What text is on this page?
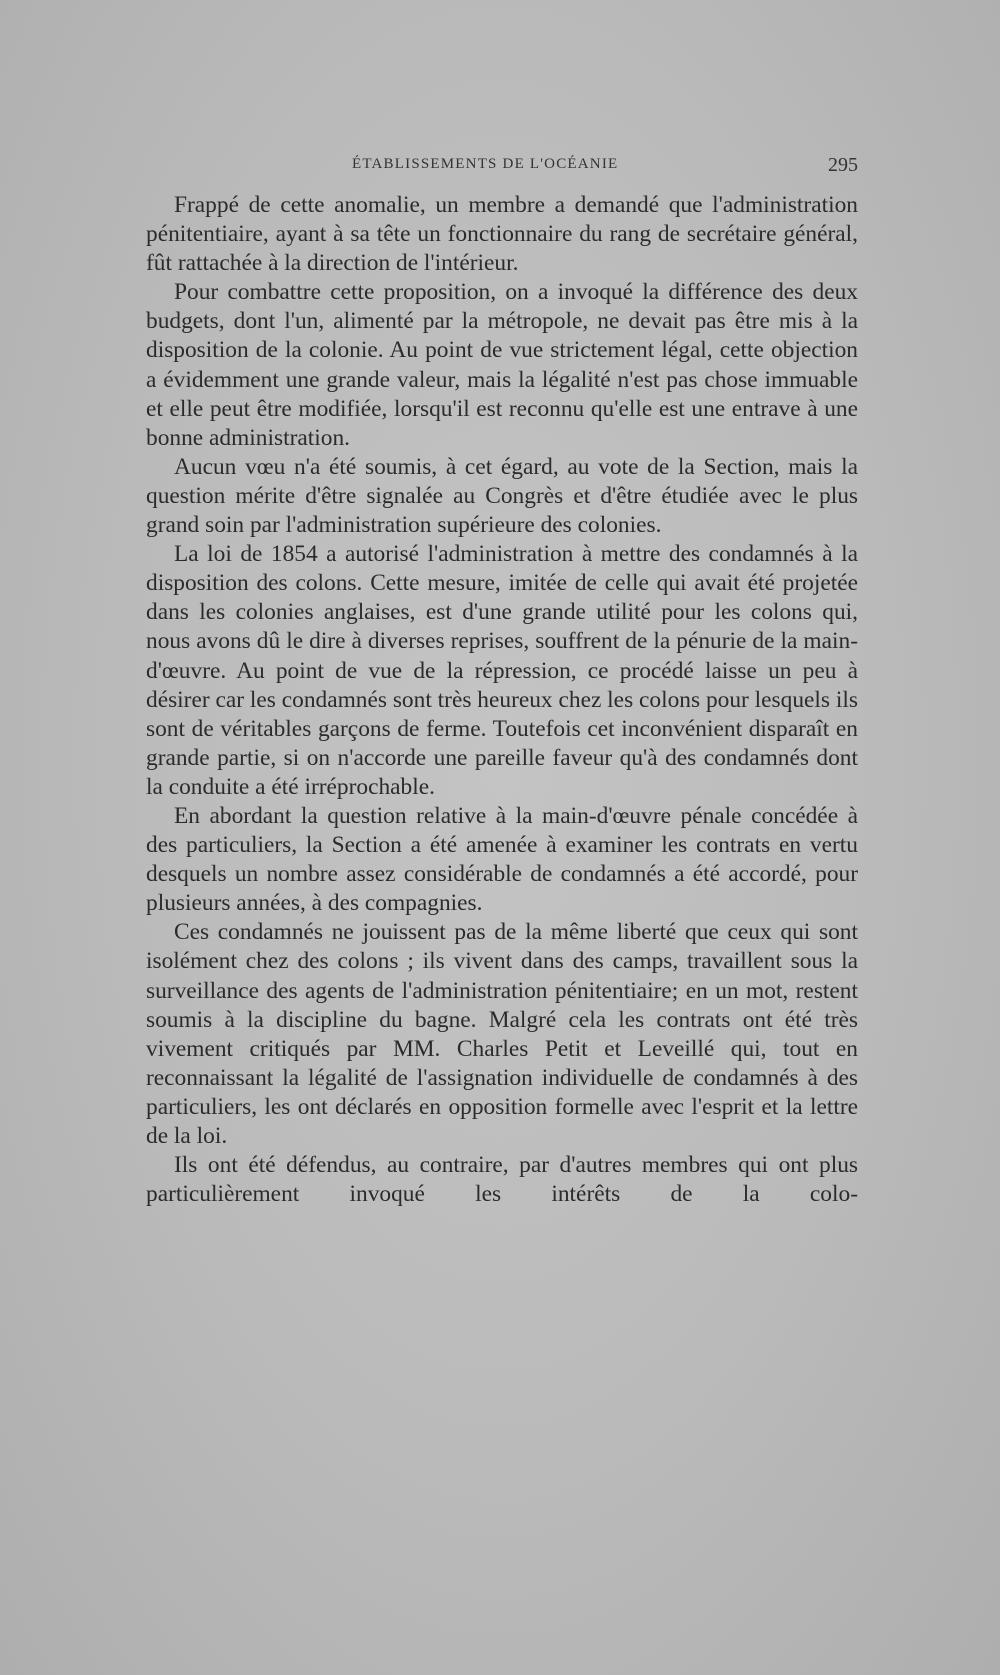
ÉTABLISSEMENTS DE L'OCÉANIE	295

Frappé de cette anomalie, un membre a demandé que l'administration pénitentiaire, ayant à sa tête un fonctionnaire du rang de secrétaire général, fût rattachée à la direction de l'intérieur.

Pour combattre cette proposition, on a invoqué la différence des deux budgets, dont l'un, alimenté par la métropole, ne devait pas être mis à la disposition de la colonie. Au point de vue strictement légal, cette objection a évidemment une grande valeur, mais la légalité n'est pas chose immuable et elle peut être modifiée, lorsqu'il est reconnu qu'elle est une entrave à une bonne administration.

Aucun vœu n'a été soumis, à cet égard, au vote de la Section, mais la question mérite d'être signalée au Congrès et d'être étudiée avec le plus grand soin par l'administration supérieure des colonies.

La loi de 1854 a autorisé l'administration à mettre des condamnés à la disposition des colons. Cette mesure, imitée de celle qui avait été projetée dans les colonies anglaises, est d'une grande utilité pour les colons qui, nous avons dû le dire à diverses reprises, souffrent de la pénurie de la main-d'œuvre. Au point de vue de la répression, ce procédé laisse un peu à désirer car les condamnés sont très heureux chez les colons pour lesquels ils sont de véritables garçons de ferme. Toutefois cet inconvénient disparaît en grande partie, si on n'accorde une pareille faveur qu'à des condamnés dont la conduite a été irréprochable.

En abordant la question relative à la main-d'œuvre pénale concédée à des particuliers, la Section a été amenée à examiner les contrats en vertu desquels un nombre assez considérable de condamnés a été accordé, pour plusieurs années, à des compagnies.

Ces condamnés ne jouissent pas de la même liberté que ceux qui sont isolément chez des colons ; ils vivent dans des camps, travaillent sous la surveillance des agents de l'administration pénitentiaire; en un mot, restent soumis à la discipline du bagne. Malgré cela les contrats ont été très vivement critiqués par MM. Charles Petit et Leveillé qui, tout en reconnaissant la légalité de l'assignation individuelle de condamnés à des particuliers, les ont déclarés en opposition formelle avec l'esprit et la lettre de la loi.

Ils ont été défendus, au contraire, par d'autres membres qui ont plus particulièrement invoqué les intérêts de la colo-
